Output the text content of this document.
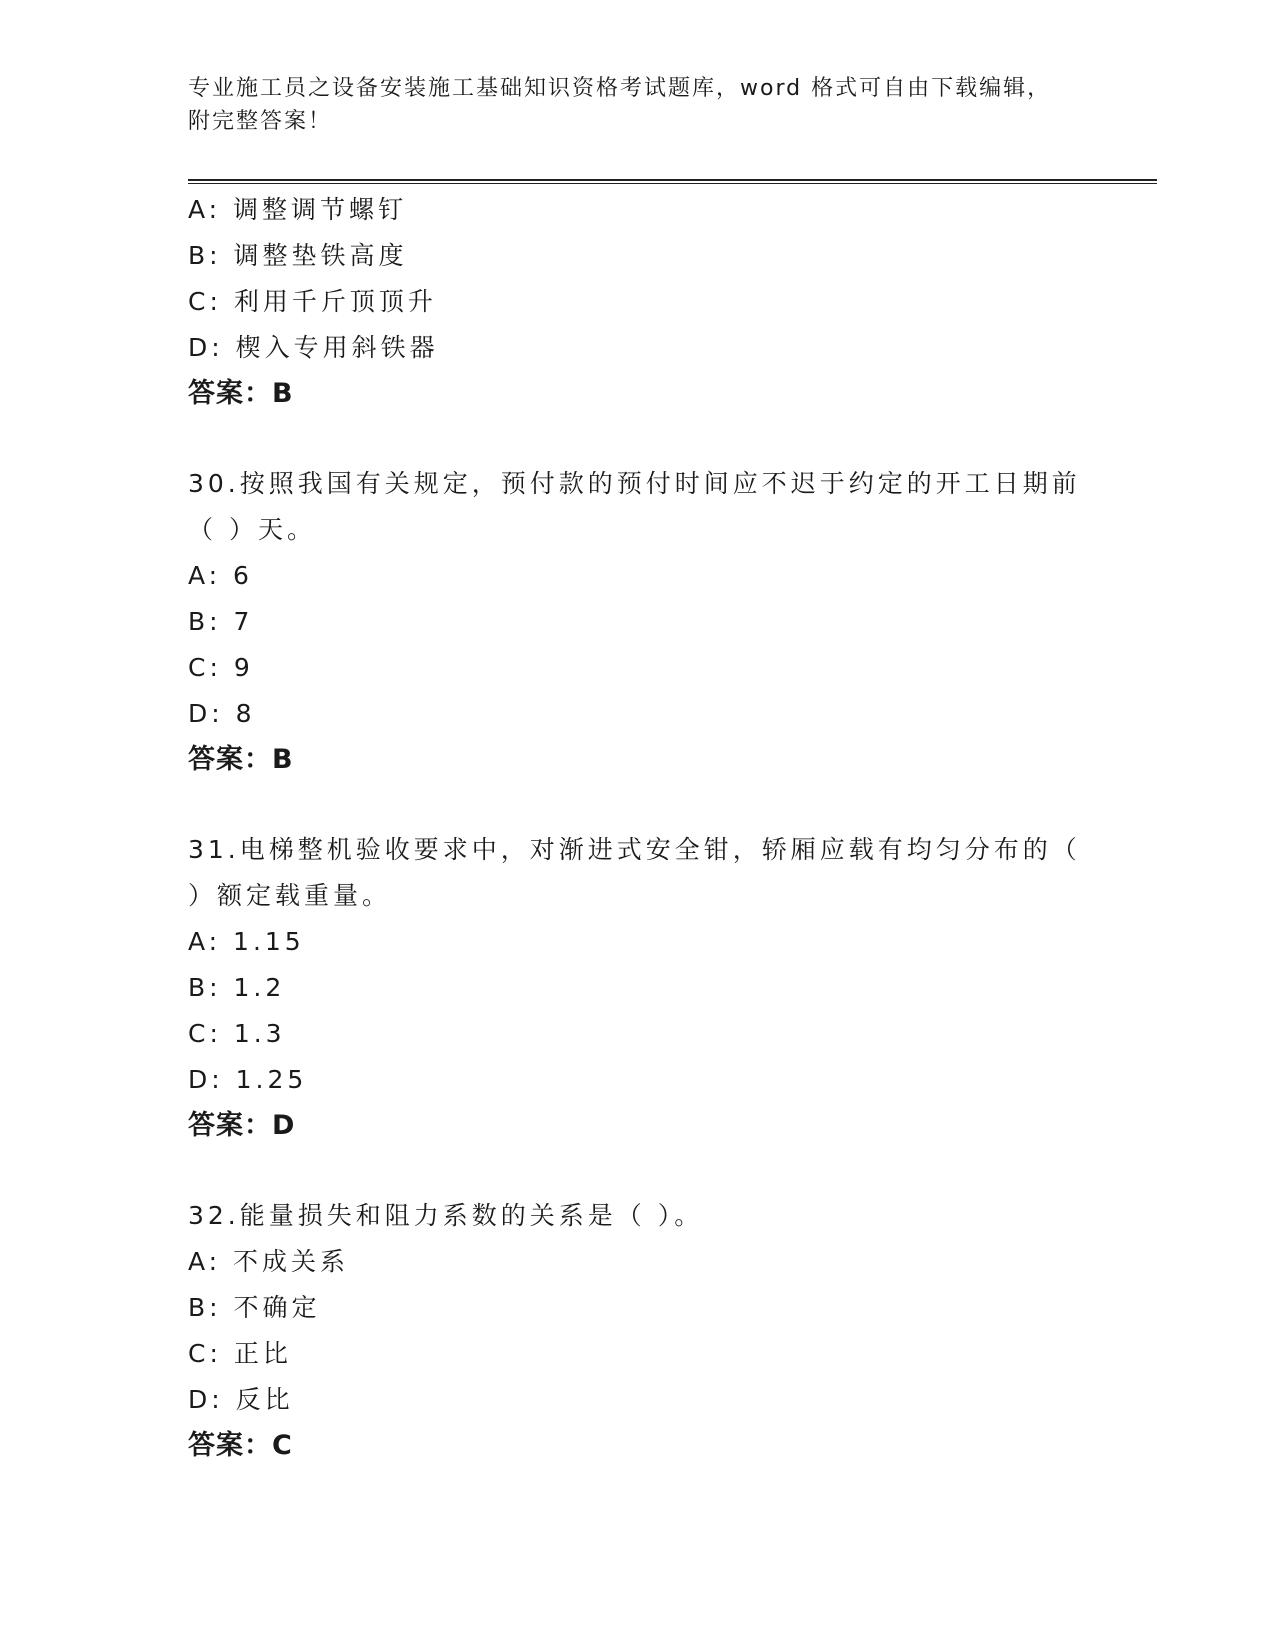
专业施工员之设备安装施工基础知识资格考试题库，word 格式可自由下载编辑，
附完整答案！
A: 调整调节螺钉
B: 调整垫铁高度
C: 利用千斤顶顶升
D: 楔入专用斜铁器
答案：B
30.按照我国有关规定，预付款的预付时间应不迟于约定的开工日期前
（ ）天。
A: 6
B: 7
C: 9
D: 8
答案：B
31.电梯整机验收要求中，对渐进式安全钳，轿厢应载有均匀分布的（
）额定载重量。
A: 1.15
B: 1.2
C: 1.3
D: 1.25
答案：D
32.能量损失和阻力系数的关系是（ ）。
A: 不成关系
B: 不确定
C: 正比
D: 反比
答案：C
